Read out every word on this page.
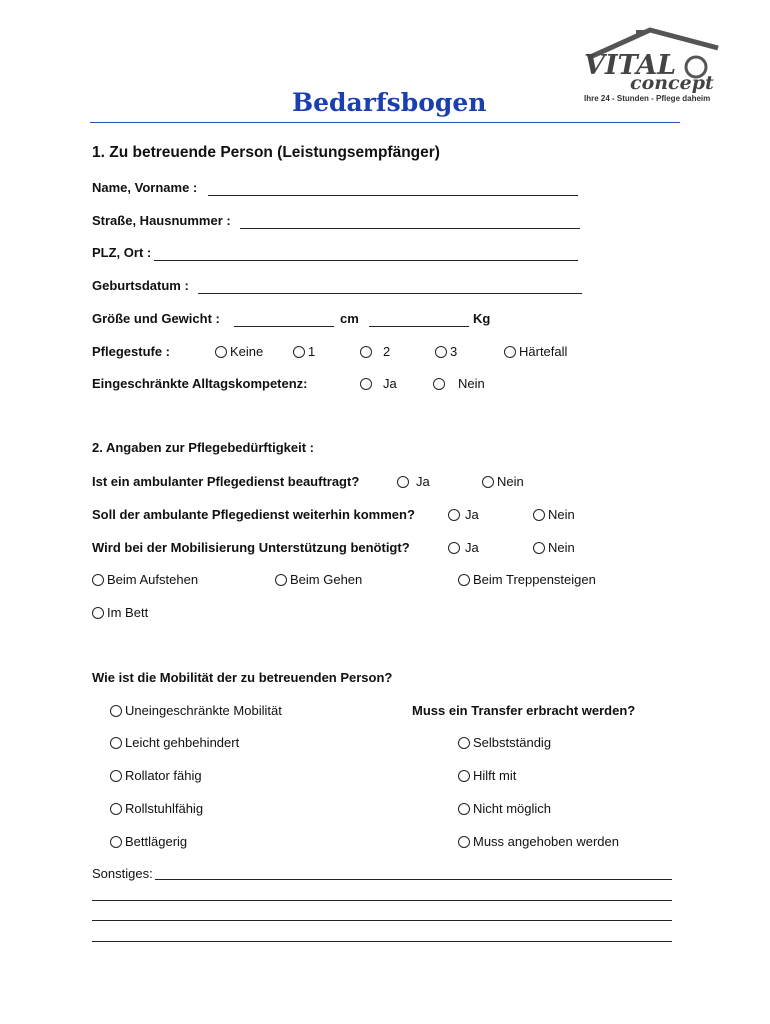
VITAL
concept
Ihre 24 - Stunden - Pflege daheim
Bedarfsbogen
1. Zu betreuende Person (Leistungsempfänger)
Name, Vorname :
Straße, Hausnummer :
PLZ, Ort :
Geburtsdatum :
Größe und Gewicht :	cm	Kg
Pflegestufe :	Keine	1	2	3	Härtefall
Eingeschränkte Alltagskompetenz:	Ja	Nein
2. Angaben zur Pflegebedürftigkeit :
Ist ein ambulanter Pflegedienst beauftragt?	Ja	Nein
Soll der ambulante Pflegedienst weiterhin kommen?	Ja	Nein
Wird bei der Mobilisierung Unterstützung benötigt?	Ja	Nein
Beim Aufstehen	Beim Gehen	Beim Treppensteigen
Im Bett
Wie ist die Mobilität der zu betreuenden Person?
Muss ein Transfer erbracht werden?
Uneingeschränkte Mobilität
Leicht gehbehindert
Rollator fähig
Rollstuhlfähig
Bettlägerig
Selbstständig
Hilft mit
Nicht möglich
Muss angehoben werden
Sonstiges:
